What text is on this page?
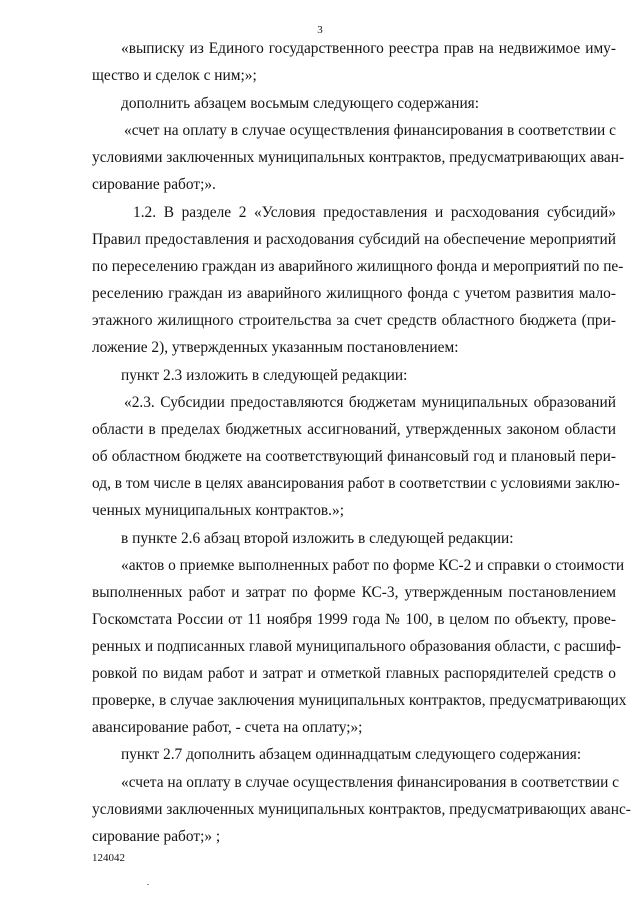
3
«выписку из Единого государственного реестра прав на недвижимое иму-
щество и сделок с ним;»;
дополнить абзацем восьмым следующего содержания:
«счет на оплату в случае осуществления финансирования в соответствии с
условиями заключенных муниципальных контрактов, предусматривающих аван-
сирование работ;».
1.2. В разделе 2 «Условия предоставления и расходования субсидий»
Правил предоставления и расходования субсидий на обеспечение мероприятий
по переселению граждан из аварийного жилищного фонда и мероприятий по пе-
реселению граждан из аварийного жилищного фонда с учетом развития мало-
этажного жилищного строительства за счет средств областного бюджета (при-
ложение 2), утвержденных указанным постановлением:
пункт 2.3 изложить в следующей редакции:
«2.3. Субсидии предоставляются бюджетам муниципальных образований
области в пределах бюджетных ассигнований, утвержденных законом области
об областном бюджете на соответствующий финансовый год и плановый пери-
од, в том числе в целях авансирования работ в соответствии с условиями заклю-
ченных муниципальных контрактов.»;
в пункте 2.6 абзац второй изложить в следующей редакции:
«актов о приемке выполненных работ по форме КС-2 и справки о стоимости
выполненных работ и затрат по форме КС-3, утвержденным постановлением
Госкомстата России от 11 ноября 1999 года № 100, в целом по объекту, прове-
ренных и подписанных главой муниципального образования области, с расшиф-
ровкой по видам работ и затрат и отметкой главных распорядителей средств о
проверке, в случае заключения муниципальных контрактов, предусматривающих
авансирование работ, - счета на оплату;»;
пункт 2.7 дополнить абзацем одиннадцатым следующего содержания:
«счета на оплату в случае осуществления финансирования в соответствии с
условиями заключенных муниципальных контрактов, предусматривающих аванс-
сирование работ;» ;
124042
